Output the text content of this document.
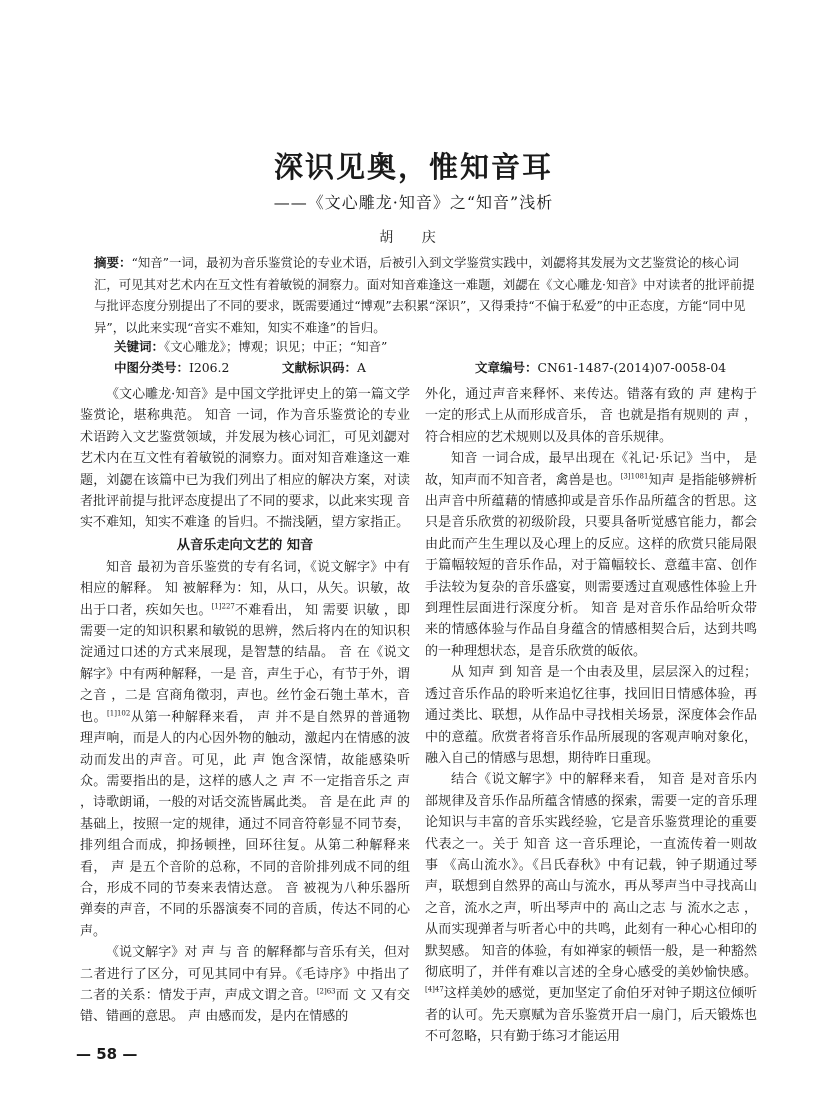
深识见奥，惟知音耳
——《文心雕龙·知音》之“知音”浅析
胡 庆

摘要：“知音”一词，最初为音乐鉴赏论的专业术语，后被引入到文学鉴赏实践中，刘勰将其发展为文艺鉴赏论的核心词汇，可见其对艺术内在互文性有着敏锐的洞察力。面对知音难逢这一难题，刘勰在《文心雕龙·知音》中对读者的批评前提与批评态度分别提出了不同的要求，既需要通过“博观”去积累“深识”，又得秉持“不偏于私爱”的中正态度，方能“同中见异”，以此来实现“音实不难知，知实不难逢”的旨归。

关键词：《文心雕龙》；博观；识见；中正；“知音”

中图分类号：I206.2	文献标识码：A	文章编号：CN61-1487-(2014)07-0058-04

《文心雕龙·知音》是中国文学批评史上的第一篇文学鉴赏论，堪称典范。 知音 一词，作为音乐鉴赏论的专业术语跨入文艺鉴赏领域，并发展为核心词汇，可见刘勰对艺术内在互文性有着敏锐的洞察力。面对知音难逢这一难题，刘勰在该篇中已为我们列出了相应的解决方案，对读者批评前提与批评态度提出了不同的要求，以此来实现 音实不难知，知实不难逢 的旨归。不揣浅陋，望方家指正。

从音乐走向文艺的 知音

知音 最初为音乐鉴赏的专有名词，《说文解字》中有相应的解释。 知 被解释为：知，从口，从矢。识敏，故出于口者，疾如矢也。$^{[1]227}$不难看出， 知 需要 识敏 ，即需要一定的知识积累和敏锐的思辨，然后将内在的知识积淀通过口述的方式来展现，是智慧的结晶。 音 在《说文解字》中有两种解释，一是 音，声生于心，有节于外，谓之音 ，二是 宫商角徵羽，声也。丝竹金石匏土革木，音也。$^{[1]102}$从第一种解释来看， 声 并不是自然界的普通物理声响，而是人的内心因外物的触动，激起内在情感的波动而发出的声音。可见，此 声 饱含深情，故能感染听众。需要指出的是，这样的感人之 声 不一定指音乐之 声 ，诗歌朗诵，一般的对话交流皆属此类。 音 是在此 声 的基础上，按照一定的规律，通过不同音符彰显不同节奏，排列组合而成，抑扬顿挫，回环往复。从第二种解释来看， 声 是五个音阶的总称，不同的音阶排列成不同的组合，形成不同的节奏来表情达意。 音 被视为八种乐器所弹奏的声音，不同的乐器演奏不同的音质，传达不同的心声。

《说文解字》对 声 与 音 的解释都与音乐有关，但对二者进行了区分，可见其同中有异。《毛诗序》中指出了二者的关系：情发于声，声成文谓之音。$^{[2]63}$而 文 又有交错、错画的意思。 声 由感而发，是内在情感的

外化，通过声音来释怀、来传达。错落有致的 声 建构于一定的形式上从而形成音乐， 音 也就是指有规则的 声 ，符合相应的艺术规则以及具体的音乐规律。

知音 一词合成，最早出现在《礼记·乐记》当中， 是故，知声而不知音者，禽兽是也。$^{[3]1081}$知声 是指能够辨析出声音中所蕴藉的情感抑或是音乐作品所蕴含的哲思。这只是音乐欣赏的初级阶段，只要具备听觉感官能力，都会由此而产生生理以及心理上的反应。这样的欣赏只能局限于篇幅较短的音乐作品，对于篇幅较长、意蕴丰富、创作手法较为复杂的音乐盛宴，则需要透过直观感性体验上升到理性层面进行深度分析。 知音 是对音乐作品给听众带来的情感体验与作品自身蕴含的情感相契合后，达到共鸣的一种理想状态，是音乐欣赏的皈依。

从 知声 到 知音 是一个由表及里，层层深入的过程；透过音乐作品的聆听来追忆往事，找回旧日情感体验，再通过类比、联想，从作品中寻找相关场景，深度体会作品中的意蕴。欣赏者将音乐作品所展现的客观声响对象化，融入自己的情感与思想，期待昨日重现。

结合《说文解字》中的解释来看， 知音 是对音乐内部规律及音乐作品所蕴含情感的探索，需要一定的音乐理论知识与丰富的音乐实践经验，它是音乐鉴赏理论的重要代表之一。关于 知音 这一音乐理论，一直流传着一则故事 《高山流水》。《吕氏春秋》中有记载，钟子期通过琴声，联想到自然界的高山与流水，再从琴声当中寻找高山之音，流水之声，听出琴声中的 高山之志 与 流水之志 ，从而实现弹者与听者心中的共鸣，此刻有一种心心相印的默契感。 知音的体验，有如禅家的顿悟一般，是一种豁然彻底明了，并伴有难以言述的全身心感受的美妙愉快感。$^{[4]47}$这样美妙的感觉，更加坚定了俞伯牙对钟子期这位倾听者的认可。先天禀赋为音乐鉴赏开启一扇门，后天锻炼也不可忽略，只有勤于练习才能运用

— 58 —
